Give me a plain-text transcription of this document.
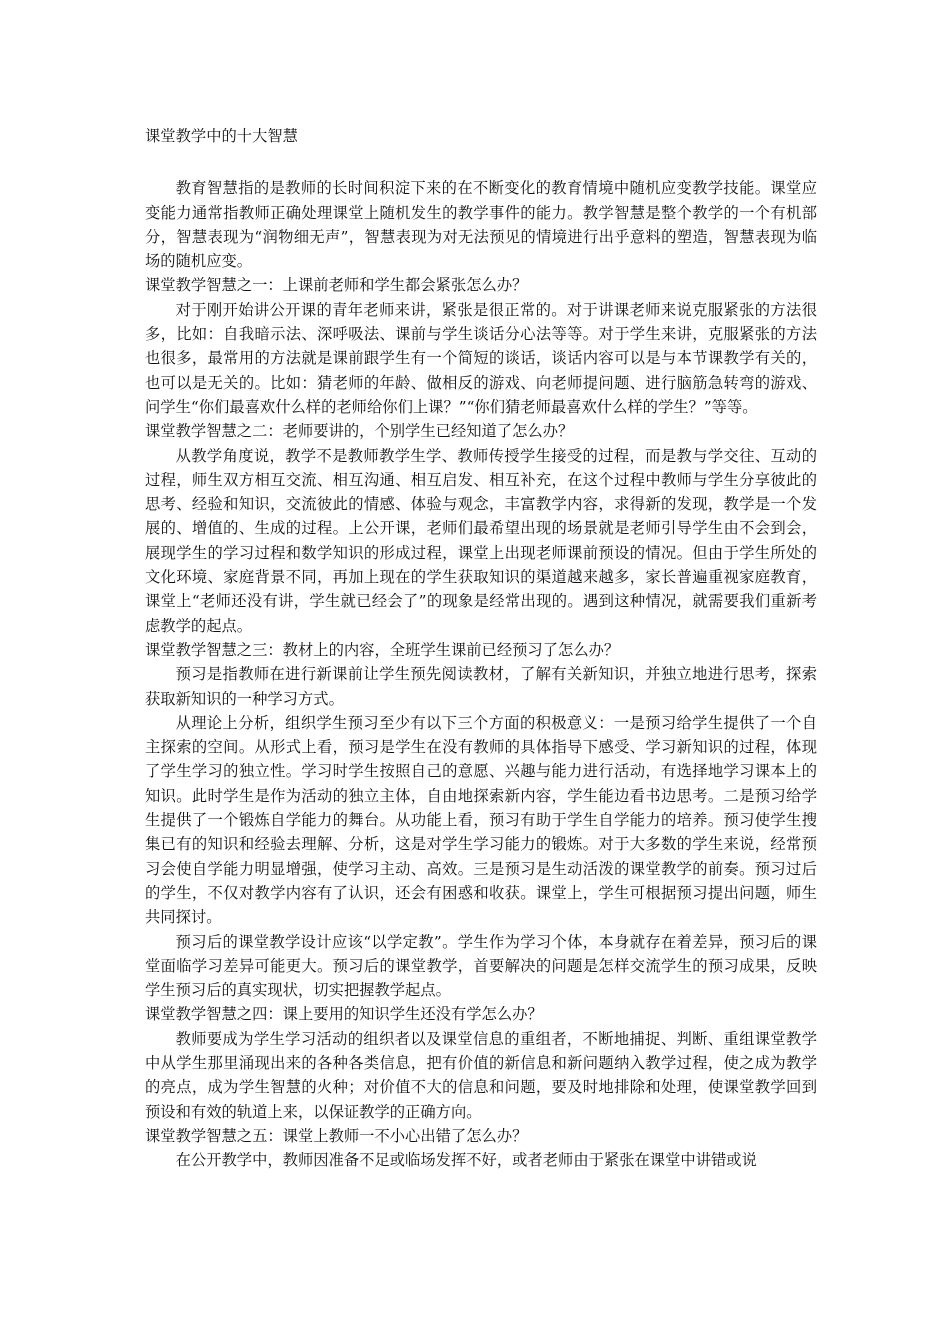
课堂教学中的十大智慧
教育智慧指的是教师的长时间积淀下来的在不断变化的教育情境中随机应变教学技能。课堂应变能力通常指教师正确处理课堂上随机发生的教学事件的能力。教学智慧是整个教学的一个有机部分，智慧表现为“润物细无声”，智慧表现为对无法预见的情境进行出乎意料的塑造，智慧表现为临场的随机应变。
课堂教学智慧之一：上课前老师和学生都会紧张怎么办？
对于刚开始讲公开课的青年老师来讲，紧张是很正常的。对于讲课老师来说克服紧张的方法很多，比如：自我暗示法、深呼吸法、课前与学生谈话分心法等等。对于学生来讲，克服紧张的方法也很多，最常用的方法就是课前跟学生有一个简短的谈话，谈话内容可以是与本节课教学有关的，也可以是无关的。比如：猜老师的年龄、做相反的游戏、向老师提问题、进行脑筋急转弯的游戏、问学生“你们最喜欢什么样的老师给你们上课？”“你们猜老师最喜欢什么样的学生？”等等。
课堂教学智慧之二：老师要讲的，个别学生已经知道了怎么办？
从教学角度说，教学不是教师教学生学、教师传授学生接受的过程，而是教与学交往、互动的过程，师生双方相互交流、相互沟通、相互启发、相互补充，在这个过程中教师与学生分享彼此的思考、经验和知识，交流彼此的情感、体验与观念，丰富教学内容，求得新的发现，教学是一个发展的、增值的、生成的过程。上公开课，老师们最希望出现的场景就是老师引导学生由不会到会，展现学生的学习过程和数学知识的形成过程，课堂上出现老师课前预设的情况。但由于学生所处的文化环境、家庭背景不同，再加上现在的学生获取知识的渠道越来越多，家长普遍重视家庭教育，课堂上“老师还没有讲，学生就已经会了”的现象是经常出现的。遇到这种情况，就需要我们重新考虑教学的起点。
课堂教学智慧之三：教材上的内容，全班学生课前已经预习了怎么办？
预习是指教师在进行新课前让学生预先阅读教材，了解有关新知识，并独立地进行思考，探索获取新知识的一种学习方式。
从理论上分析，组织学生预习至少有以下三个方面的积极意义：一是预习给学生提供了一个自主探索的空间。从形式上看，预习是学生在没有教师的具体指导下感受、学习新知识的过程，体现了学生学习的独立性。学习时学生按照自己的意愿、兴趣与能力进行活动，有选择地学习课本上的知识。此时学生是作为活动的独立主体，自由地探索新内容，学生能边看书边思考。二是预习给学生提供了一个锻炼自学能力的舞台。从功能上看，预习有助于学生自学能力的培养。预习使学生搜集已有的知识和经验去理解、分析，这是对学生学习能力的锻炼。对于大多数的学生来说，经常预习会使自学能力明显增强，使学习主动、高效。三是预习是生动活泼的课堂教学的前奏。预习过后的学生，不仅对教学内容有了认识，还会有困惑和收获。课堂上，学生可根据预习提出问题，师生共同探讨。
预习后的课堂教学设计应该“以学定教”。学生作为学习个体，本身就存在着差异，预习后的课堂面临学习差异可能更大。预习后的课堂教学，首要解决的问题是怎样交流学生的预习成果，反映学生预习后的真实现状，切实把握教学起点。
课堂教学智慧之四：课上要用的知识学生还没有学怎么办？
教师要成为学生学习活动的组织者以及课堂信息的重组者，不断地捕捉、判断、重组课堂教学中从学生那里涌现出来的各种各类信息，把有价值的新信息和新问题纳入教学过程，使之成为教学的亮点，成为学生智慧的火种；对价值不大的信息和问题，要及时地排除和处理，使课堂教学回到预设和有效的轨道上来，以保证教学的正确方向。
课堂教学智慧之五：课堂上教师一不小心出错了怎么办？
在公开教学中，教师因准备不足或临场发挥不好，或者老师由于紧张在课堂中讲错或说
